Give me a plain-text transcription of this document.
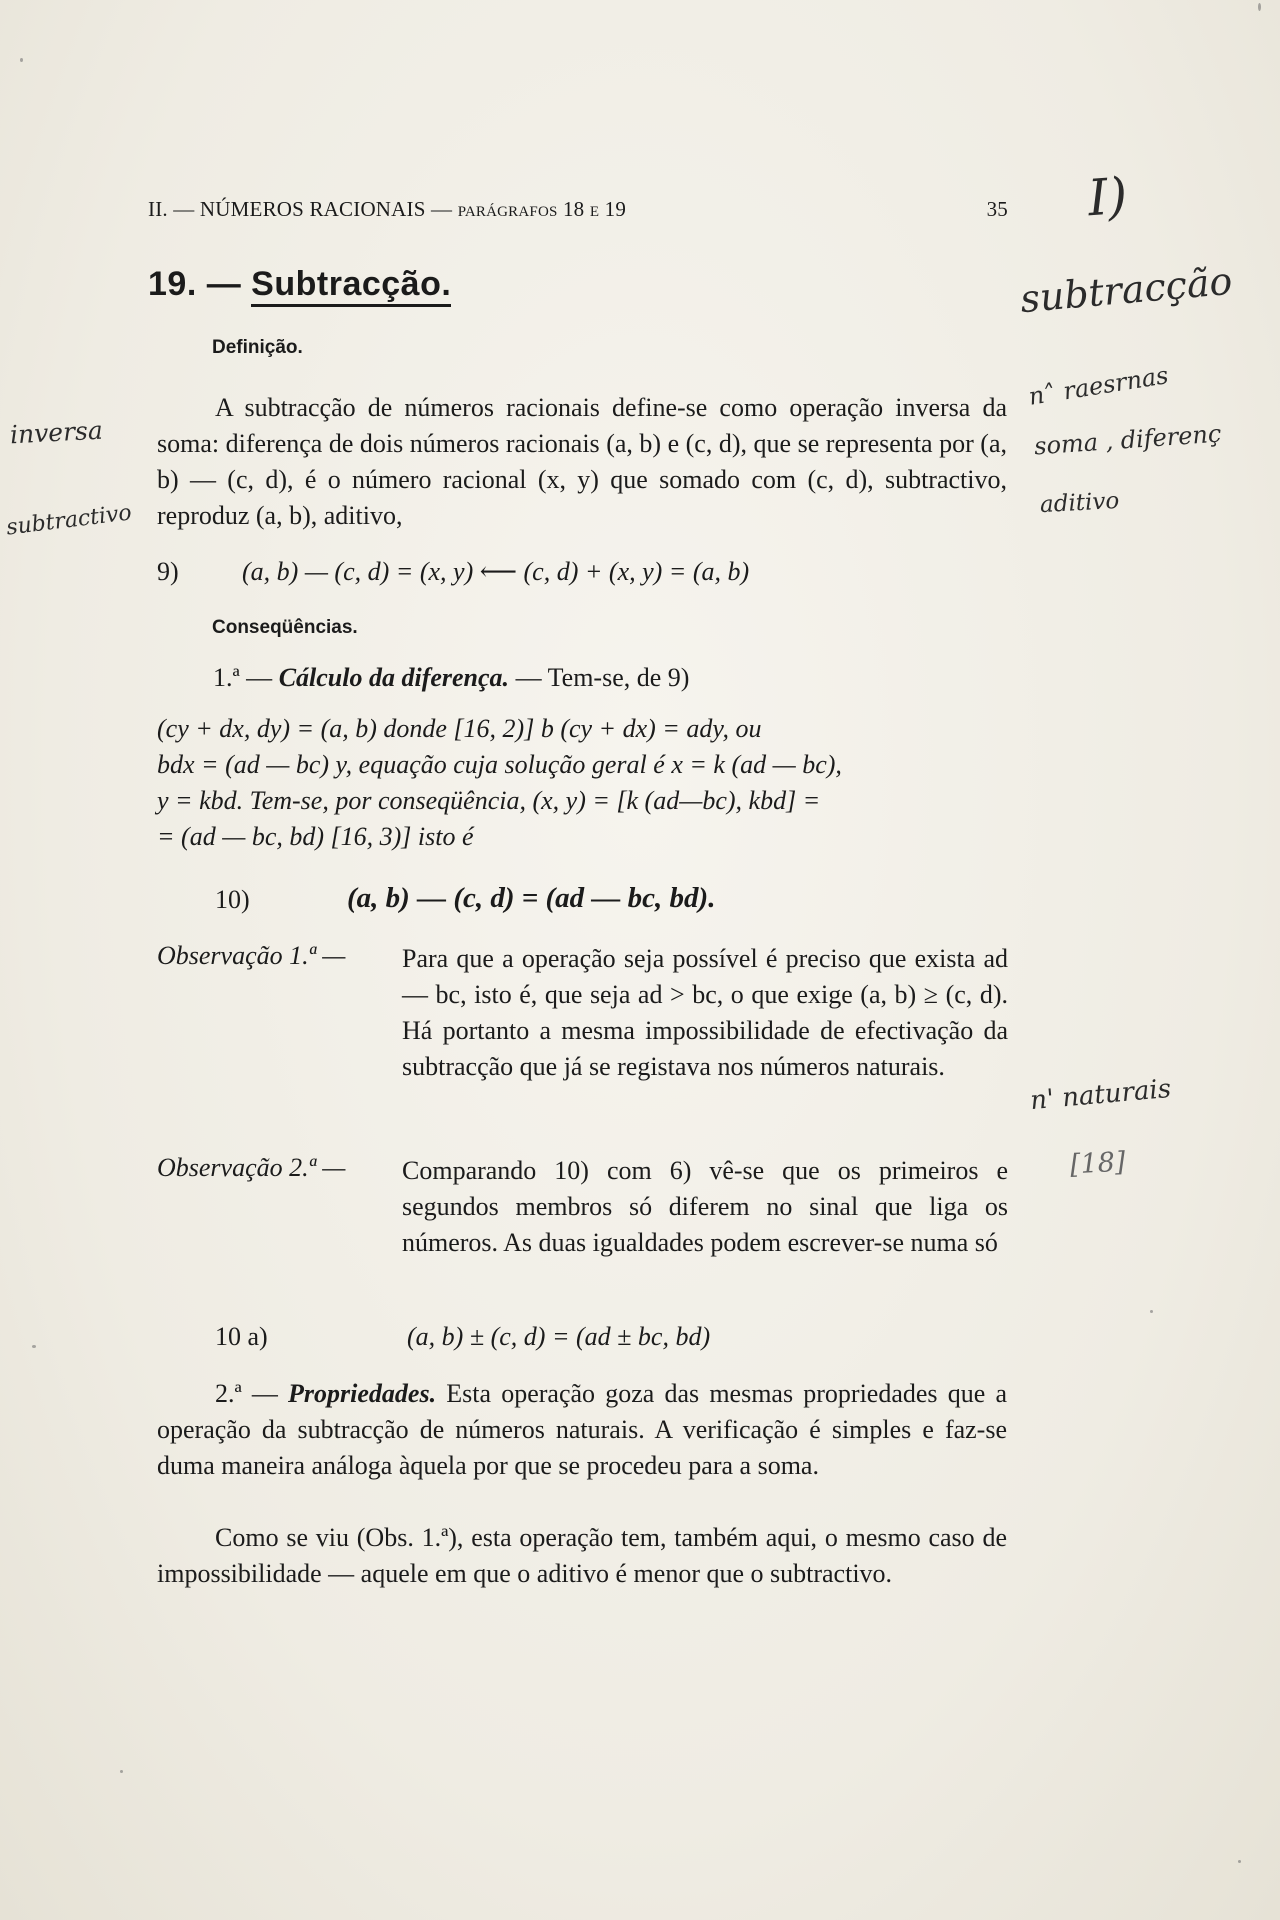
II. — NÚMEROS RACIONAIS — parágrafos 18 e 19	35
19. — Subtracção.
Definição.
A subtracção de números racionais define-se como operação inversa da soma: diferença de dois números racionais (a, b) e (c, d), que se representa por (a, b) — (c, d), é o número racional (x, y) que somado com (c, d), subtractivo, reproduz (a, b), aditivo,
9) (a, b) — (c, d) = (x, y) ⟵ (c, d) + (x, y) = (a, b)
Conseqüências.
1.ª — Cálculo da diferença. — Tem-se, de 9)
(cy + dx, dy) = (a, b) donde [16, 2)] b (cy + dx) = ady, ou
bdx = (ad — bc) y, equação cuja solução geral é x = k (ad — bc),
y = kbd. Tem-se, por conseqüência, (x, y) = [k (ad—bc), kbd] =
= (ad — bc, bd) [16, 3)] isto é
10)	(a, b) — (c, d) = (ad — bc, bd).
Observação 1.ª — Para que a operação seja possível é preciso que exista ad — bc, isto é, que seja ad > bc, o que exige (a, b) ≥ (c, d). Há portanto a mesma impossibilidade de efectivação da subtracção que já se registava nos números naturais.
Observação 2.ª — Comparando 10) com 6) vê-se que os primeiros e segundos membros só diferem no sinal que liga os números. As duas igualdades podem escrever-se numa só
10 a)	(a, b) ± (c, d) = (ad ± bc, bd)
2.ª — Propriedades. Esta operação goza das mesmas propriedades que a operação da subtracção de números naturais. A verificação é simples e faz-se duma maneira análoga àquela por que se procedeu para a soma.
Como se viu (Obs. 1.ª), esta operação tem, também aqui, o mesmo caso de impossibilidade — aquele em que o aditivo é menor que o subtractivo.
I)
subtracção
n˄ raesrnas
soma , diferenç
aditivo
inversa
subtractivo
n' naturais
[18]
